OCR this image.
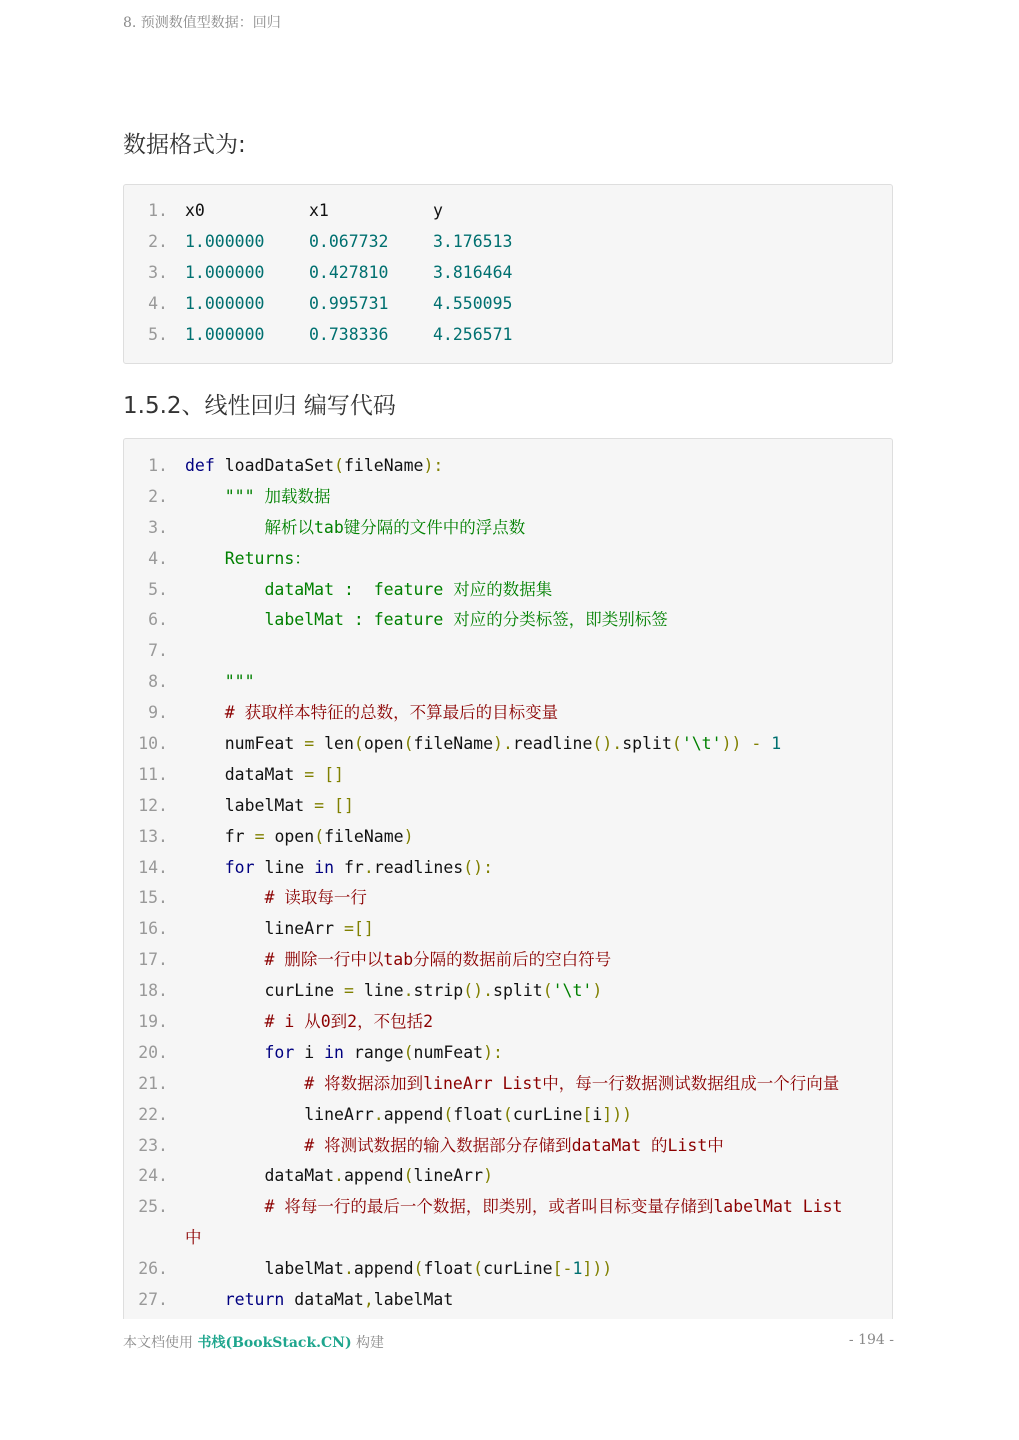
8. 预测数值型数据：回归
数据格式为:
1. x0	x1	y
2. 1.000000	0.067732	3.176513
3. 1.000000	0.427810	3.816464
4. 1.000000	0.995731	4.550095
5. 1.000000	0.738336	4.256571
1.5.2、线性回归 编写代码
1. def loadDataSet(fileName):
2.	""" 加载数据
3. 解析以tab键分隔的文件中的浮点数
4. Returns：
5. dataMat :  feature 对应的数据集
6. labelMat : feature 对应的分类标签，即类别标签
7.
8. """
9.	# 获取样本特征的总数，不算最后的目标变量
10.	numFeat = len(open(fileName).readline().split('\t')) - 1
11.	dataMat = []
12.	labelMat = []
13.	fr = open(fileName)
14.	for line in fr.readlines():
15.	# 读取每一行
16.	lineArr =[]
17.	# 删除一行中以tab分隔的数据前后的空白符号
18.	curLine = line.strip().split('\t')
19.	# i 从0到2，不包括2
20.	for i in range(numFeat):
21.	# 将数据添加到lineArr List中，每一行数据测试数据组成一个行向量
22.	lineArr.append(float(curLine[i]))
23.	# 将测试数据的输入数据部分存储到dataMat 的List中
24.	dataMat.append(lineArr)
25.	# 将每一行的最后一个数据，即类别，或者叫目标变量存储到labelMat List
中
26.	labelMat.append(float(curLine[-1]))
27.	return dataMat,labelMat
本文档使用 书栈(BookStack.CN) 构建	- 194 -
